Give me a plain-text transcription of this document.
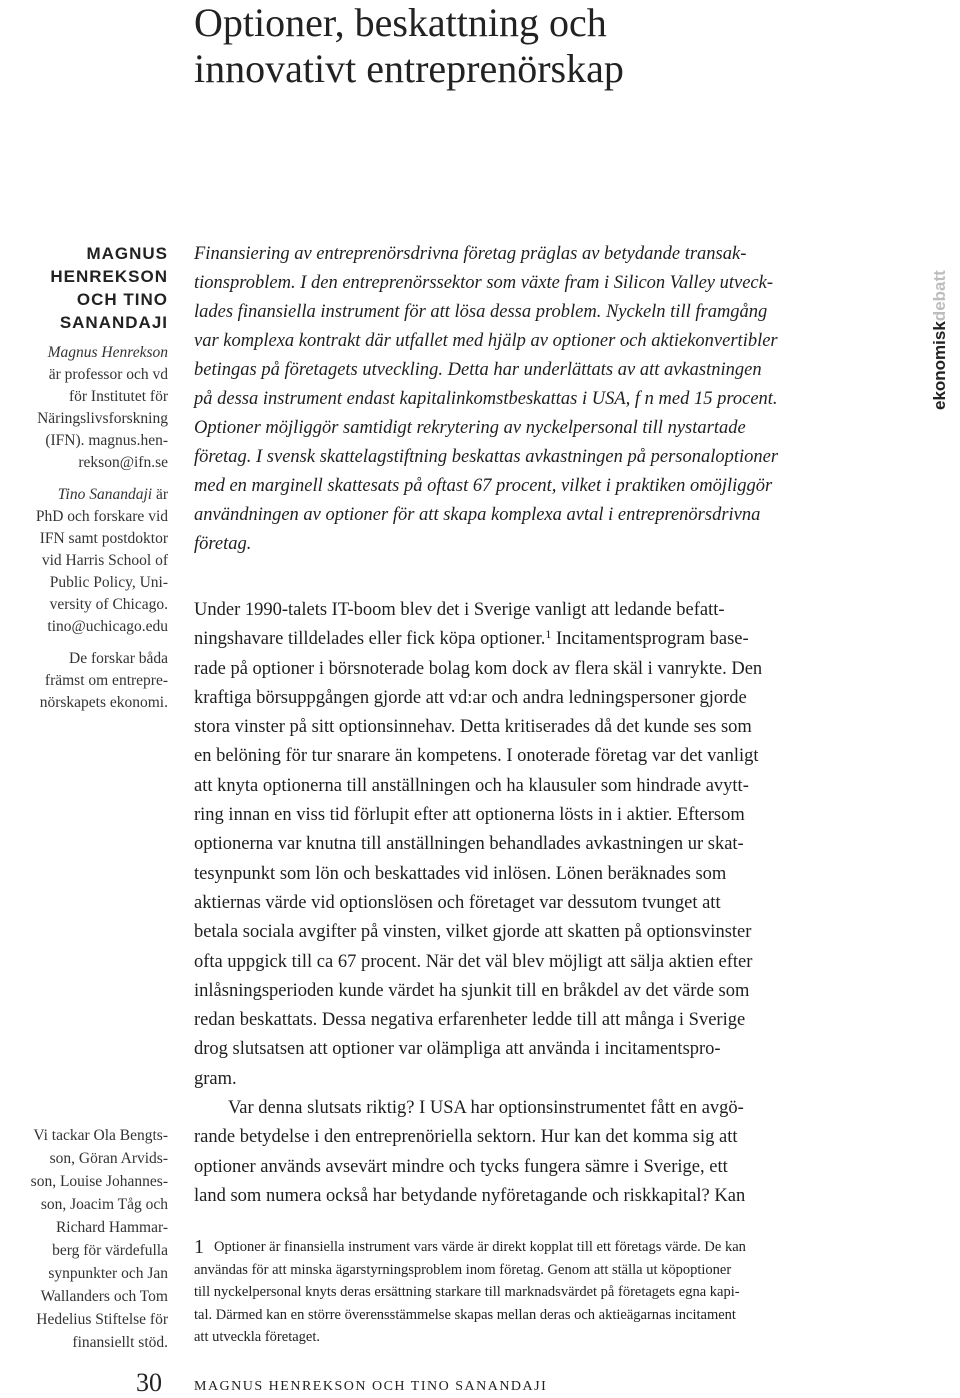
Optioner, beskattning och
innovativt entreprenörskap
MAGNUS
HENREKSON
OCH TINO
SANANDAJI
Magnus Henrekson
är professor och vd
för Institutet för
Näringslivsforskning
(IFN). magnus.hen-
rekson@ifn.se
Tino Sanandaji är
PhD och forskare vid
IFN samt postdoktor
vid Harris School of
Public Policy, Uni-
versity of Chicago.
tino@uchicago.edu
De forskar båda
främst om entrepre-
nörskapets ekonomi.
Vi tackar Ola Bengts-
son, Göran Arvids-
son, Louise Johannes-
son, Joacim Tåg och
Richard Hammar-
berg för värdefulla
synpunkter och Jan
Wallanders och Tom
Hedelius Stiftelse för
finansiellt stöd.
Finansiering av entreprenörsdrivna företag präglas av betydande transak-
tionsproblem. I den entreprenörssektor som växte fram i Silicon Valley utveck-
lades finansiella instrument för att lösa dessa problem. Nyckeln till framgång
var komplexa kontrakt där utfallet med hjälp av optioner och aktiekonvertibler
betingas på företagets utveckling. Detta har underlättats av att avkastningen
på dessa instrument endast kapitalinkomstbeskattas i USA, f n med 15 procent.
Optioner möjliggör samtidigt rekrytering av nyckelpersonal till nystartade
företag. I svensk skattelagstiftning beskattas avkastningen på personaloptioner
med en marginell skattesats på oftast 67 procent, vilket i praktiken omöjliggör
användningen av optioner för att skapa komplexa avtal i entreprenörsdrivna
företag.
Under 1990-talets IT-boom blev det i Sverige vanligt att ledande befatt-
ningshavare tilldelades eller fick köpa optioner.$^1$ Incitamentsprogram base-
rade på optioner i börsnoterade bolag kom dock av flera skäl i vanrykte. Den
kraftiga börsuppgången gjorde att vd:ar och andra ledningspersoner gjorde
stora vinster på sitt optionsinnehav. Detta kritiserades då det kunde ses som
en belöning för tur snarare än kompetens. I onoterade företag var det vanligt
att knyta optionerna till anställningen och ha klausuler som hindrade avytt-
ring innan en viss tid förlupit efter att optionerna lösts in i aktier. Eftersom
optionerna var knutna till anställningen behandlades avkastningen ur skat-
tesynpunkt som lön och beskattades vid inlösen. Lönen beräknades som
aktiernas värde vid optionslösen och företaget var dessutom tvunget att
betala sociala avgifter på vinsten, vilket gjorde att skatten på optionsvinster
ofta uppgick till ca 67 procent. När det väl blev möjligt att sälja aktien efter
inlåsningsperioden kunde värdet ha sjunkit till en bråkdel av det värde som
redan beskattats. Dessa negativa erfarenheter ledde till att många i Sverige
drog slutsatsen att optioner var olämpliga att använda i incitamentspro-
gram.
Var denna slutsats riktig? I USA har optionsinstrumentet fått en avgö-
rande betydelse i den entreprenöriella sektorn. Hur kan det komma sig att
optioner används avsevärt mindre och tycks fungera sämre i Sverige, ett
land som numera också har betydande nyföretagande och riskkapital? Kan
1 Optioner är finansiella instrument vars värde är direkt kopplat till ett företags värde. De kan
användas för att minska ägarstyrningsproblem inom företag. Genom att ställa ut köpoptioner
till nyckelpersonal knyts deras ersättning starkare till marknadsvärdet på företagets egna kapi-
tal. Därmed kan en större överensstämmelse skapas mellan deras och aktieägarnas incitament
att utveckla företaget.
ekonomiskdebatt
30 MAGNUS HENREKSON OCH TINO SANANDAJI
